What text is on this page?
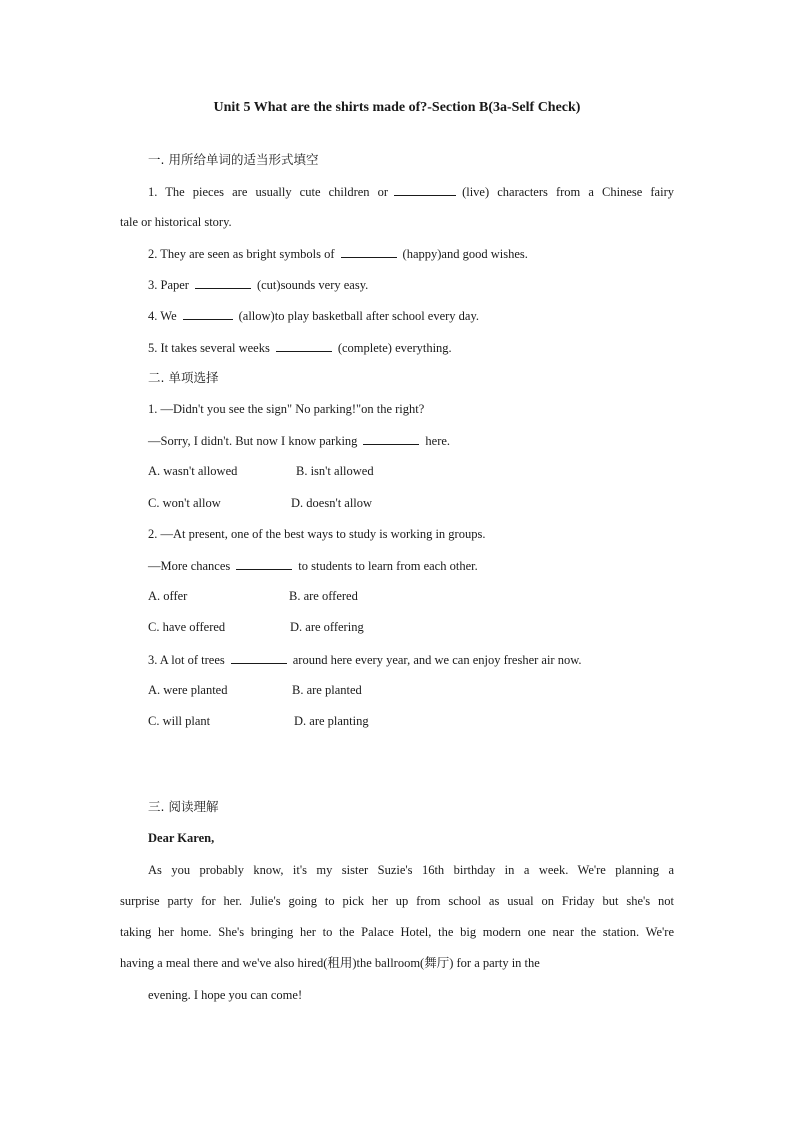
Unit 5 What are the shirts made of?-Section B(3a-Self Check)
一. 用所给单词的适当形式填空
1. The pieces are usually cute children or	(live) characters from a Chinese fairy
tale or historical story.
2. They are seen as bright symbols of	(happy)and good wishes.
3. Paper	(cut)sounds very easy.
4. We	(allow)to play basketball after school every day.
5. It takes several weeks	(complete) everything.
二. 单项选择
1. —Didn't you see the sign" No parking!"on the right?
—Sorry, I didn't. But now I know parking	here.
A. wasn't allowed	B. isn't allowed
C. won't allow	D. doesn't allow
2. —At present, one of the best ways to study is working in groups.
—More chances	to students to learn from each other.
A. offer	B. are offered
C. have offered	D. are offering
3. A lot of trees	around here every year, and we can enjoy fresher air now.
A. were planted	B. are planted
C. will plant	D. are planting
三. 阅读理解
Dear Karen,
As you probably know, it's my sister Suzie's 16th birthday in a week. We're planning a
surprise party for her. Julie's going to pick her up from school as usual on Friday but she's not
taking her home. She's bringing her to the Palace Hotel, the big modern one near the station. We're
having a meal there and we've also hired(租用)the ballroom(舞厅) for a party in the
evening. I hope you can come!
